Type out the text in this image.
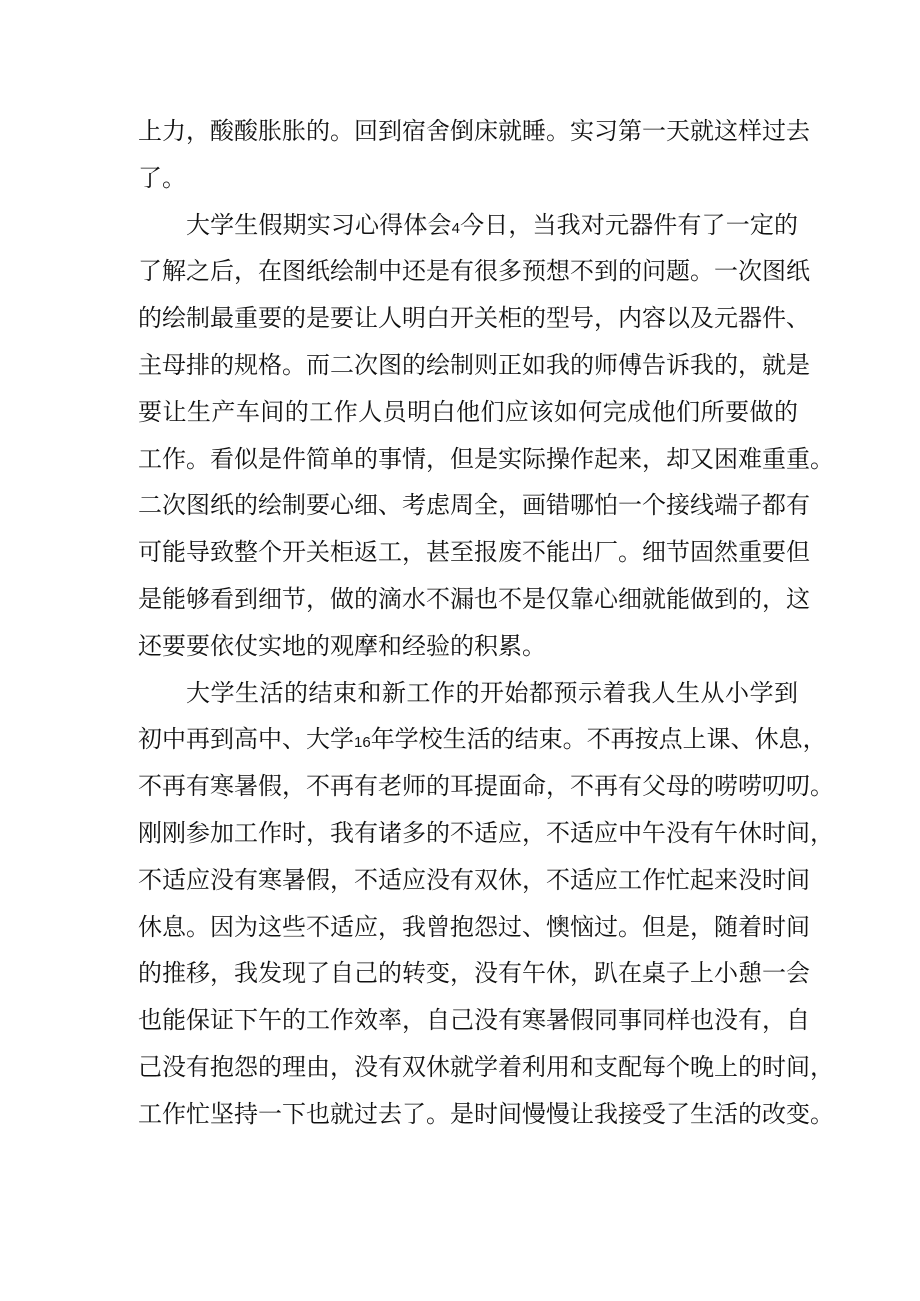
上力，酸酸胀胀的。回到宿舍倒床就睡。实习第一天就这样过去
了。
大学生假期实习心得体会4今日，当我对元器件有了一定的
了解之后，在图纸绘制中还是有很多预想不到的问题。一次图纸
的绘制最重要的是要让人明白开关柜的型号，内容以及元器件、
主母排的规格。而二次图的绘制则正如我的师傅告诉我的，就是
要让生产车间的工作人员明白他们应该如何完成他们所要做的
工作。看似是件简单的事情，但是实际操作起来，却又困难重重。
二次图纸的绘制要心细、考虑周全，画错哪怕一个接线端子都有
可能导致整个开关柜返工，甚至报废不能出厂。细节固然重要但
是能够看到细节，做的滴水不漏也不是仅靠心细就能做到的，这
还要要依仗实地的观摩和经验的积累。
大学生活的结束和新工作的开始都预示着我人生从小学到
初中再到高中、大学16年学校生活的结束。不再按点上课、休息，
不再有寒暑假，不再有老师的耳提面命，不再有父母的唠唠叨叨。
刚刚参加工作时，我有诸多的不适应，不适应中午没有午休时间，
不适应没有寒暑假，不适应没有双休，不适应工作忙起来没时间
休息。因为这些不适应，我曾抱怨过、懊恼过。但是，随着时间
的推移，我发现了自己的转变，没有午休，趴在桌子上小憩一会
也能保证下午的工作效率，自己没有寒暑假同事同样也没有，自
己没有抱怨的理由，没有双休就学着利用和支配每个晚上的时间，
工作忙坚持一下也就过去了。是时间慢慢让我接受了生活的改变。
